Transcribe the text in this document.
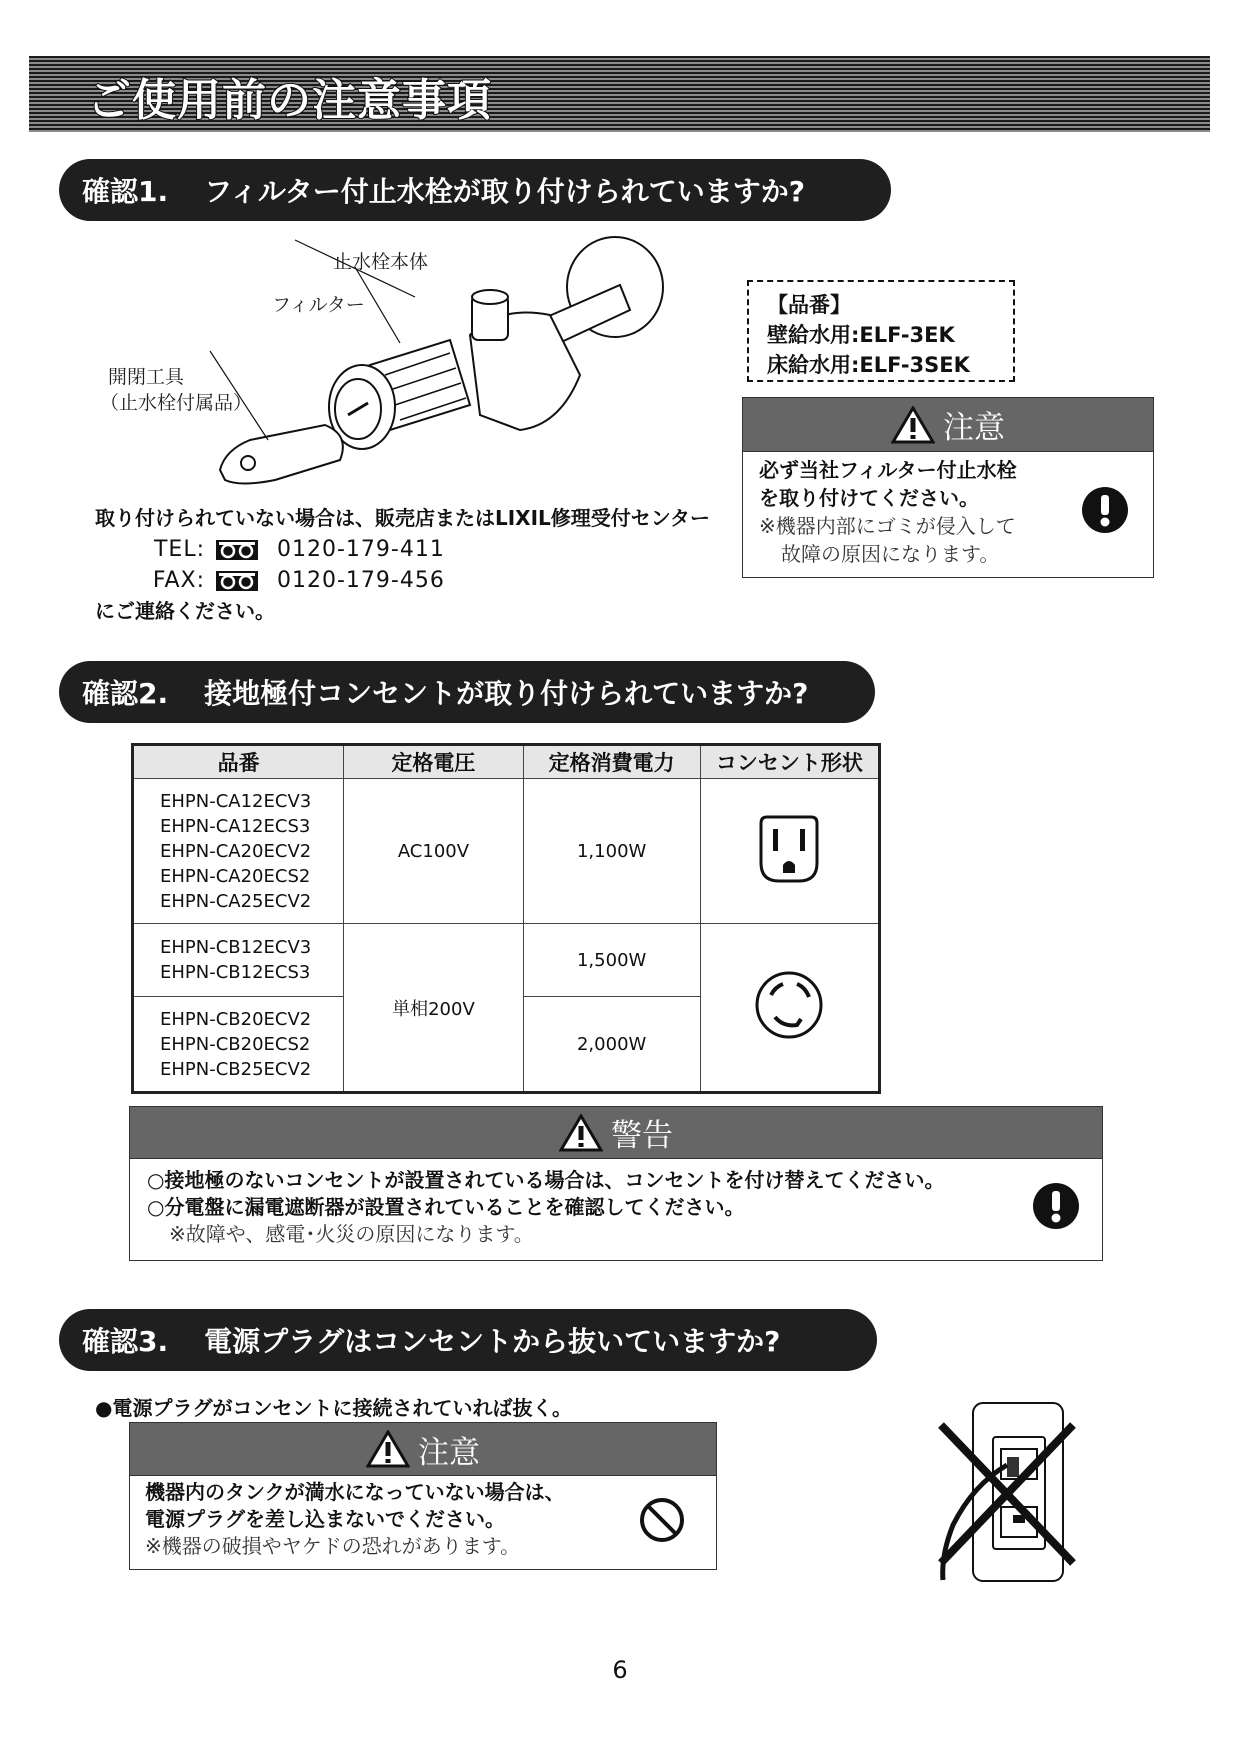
ご使用前の注意事項
確認1. フィルター付止水栓が取り付けられていますか?
止水栓本体
フィルター
開閉工具
（止水栓付属品）
【品番】
壁給水用:ELF-3EK
床給水用:ELF-3SEK
注意
必ず当社フィルター付止水栓
を取り付けてください。
※機器内部にゴミが侵入して
故障の原因になります。
取り付けられていない場合は、販売店またはLIXIL修理受付センター
TEL:	0120-179-411
FAX:	0120-179-456
にご連絡ください。
確認2. 接地極付コンセントが取り付けられていますか?
品番	定格電圧	定格消費電力	コンセント形状

EHPN-CA12ECV3
EHPN-CA12ECS3
EHPN-CA20ECV2
EHPN-CA20ECS2
EHPN-CA25ECV2	AC100V	1,100W	

EHPN-CB12ECV3
EHPN-CB12ECS3	単相200V	1,500W	

EHPN-CB20ECV2
EHPN-CB20ECS2
EHPN-CB25ECV2		2,000W	
警告
○接地極のないコンセントが設置されている場合は、コンセントを付け替えてください。
○分電盤に漏電遮断器が設置されていることを確認してください。
※故障や、感電･火災の原因になります。
確認3. 電源プラグはコンセントから抜いていますか?
●電源プラグがコンセントに接続されていれば抜く。
注意
機器内のタンクが満水になっていない場合は、
電源プラグを差し込まないでください。
※機器の破損やヤケドの恐れがあります。
6
